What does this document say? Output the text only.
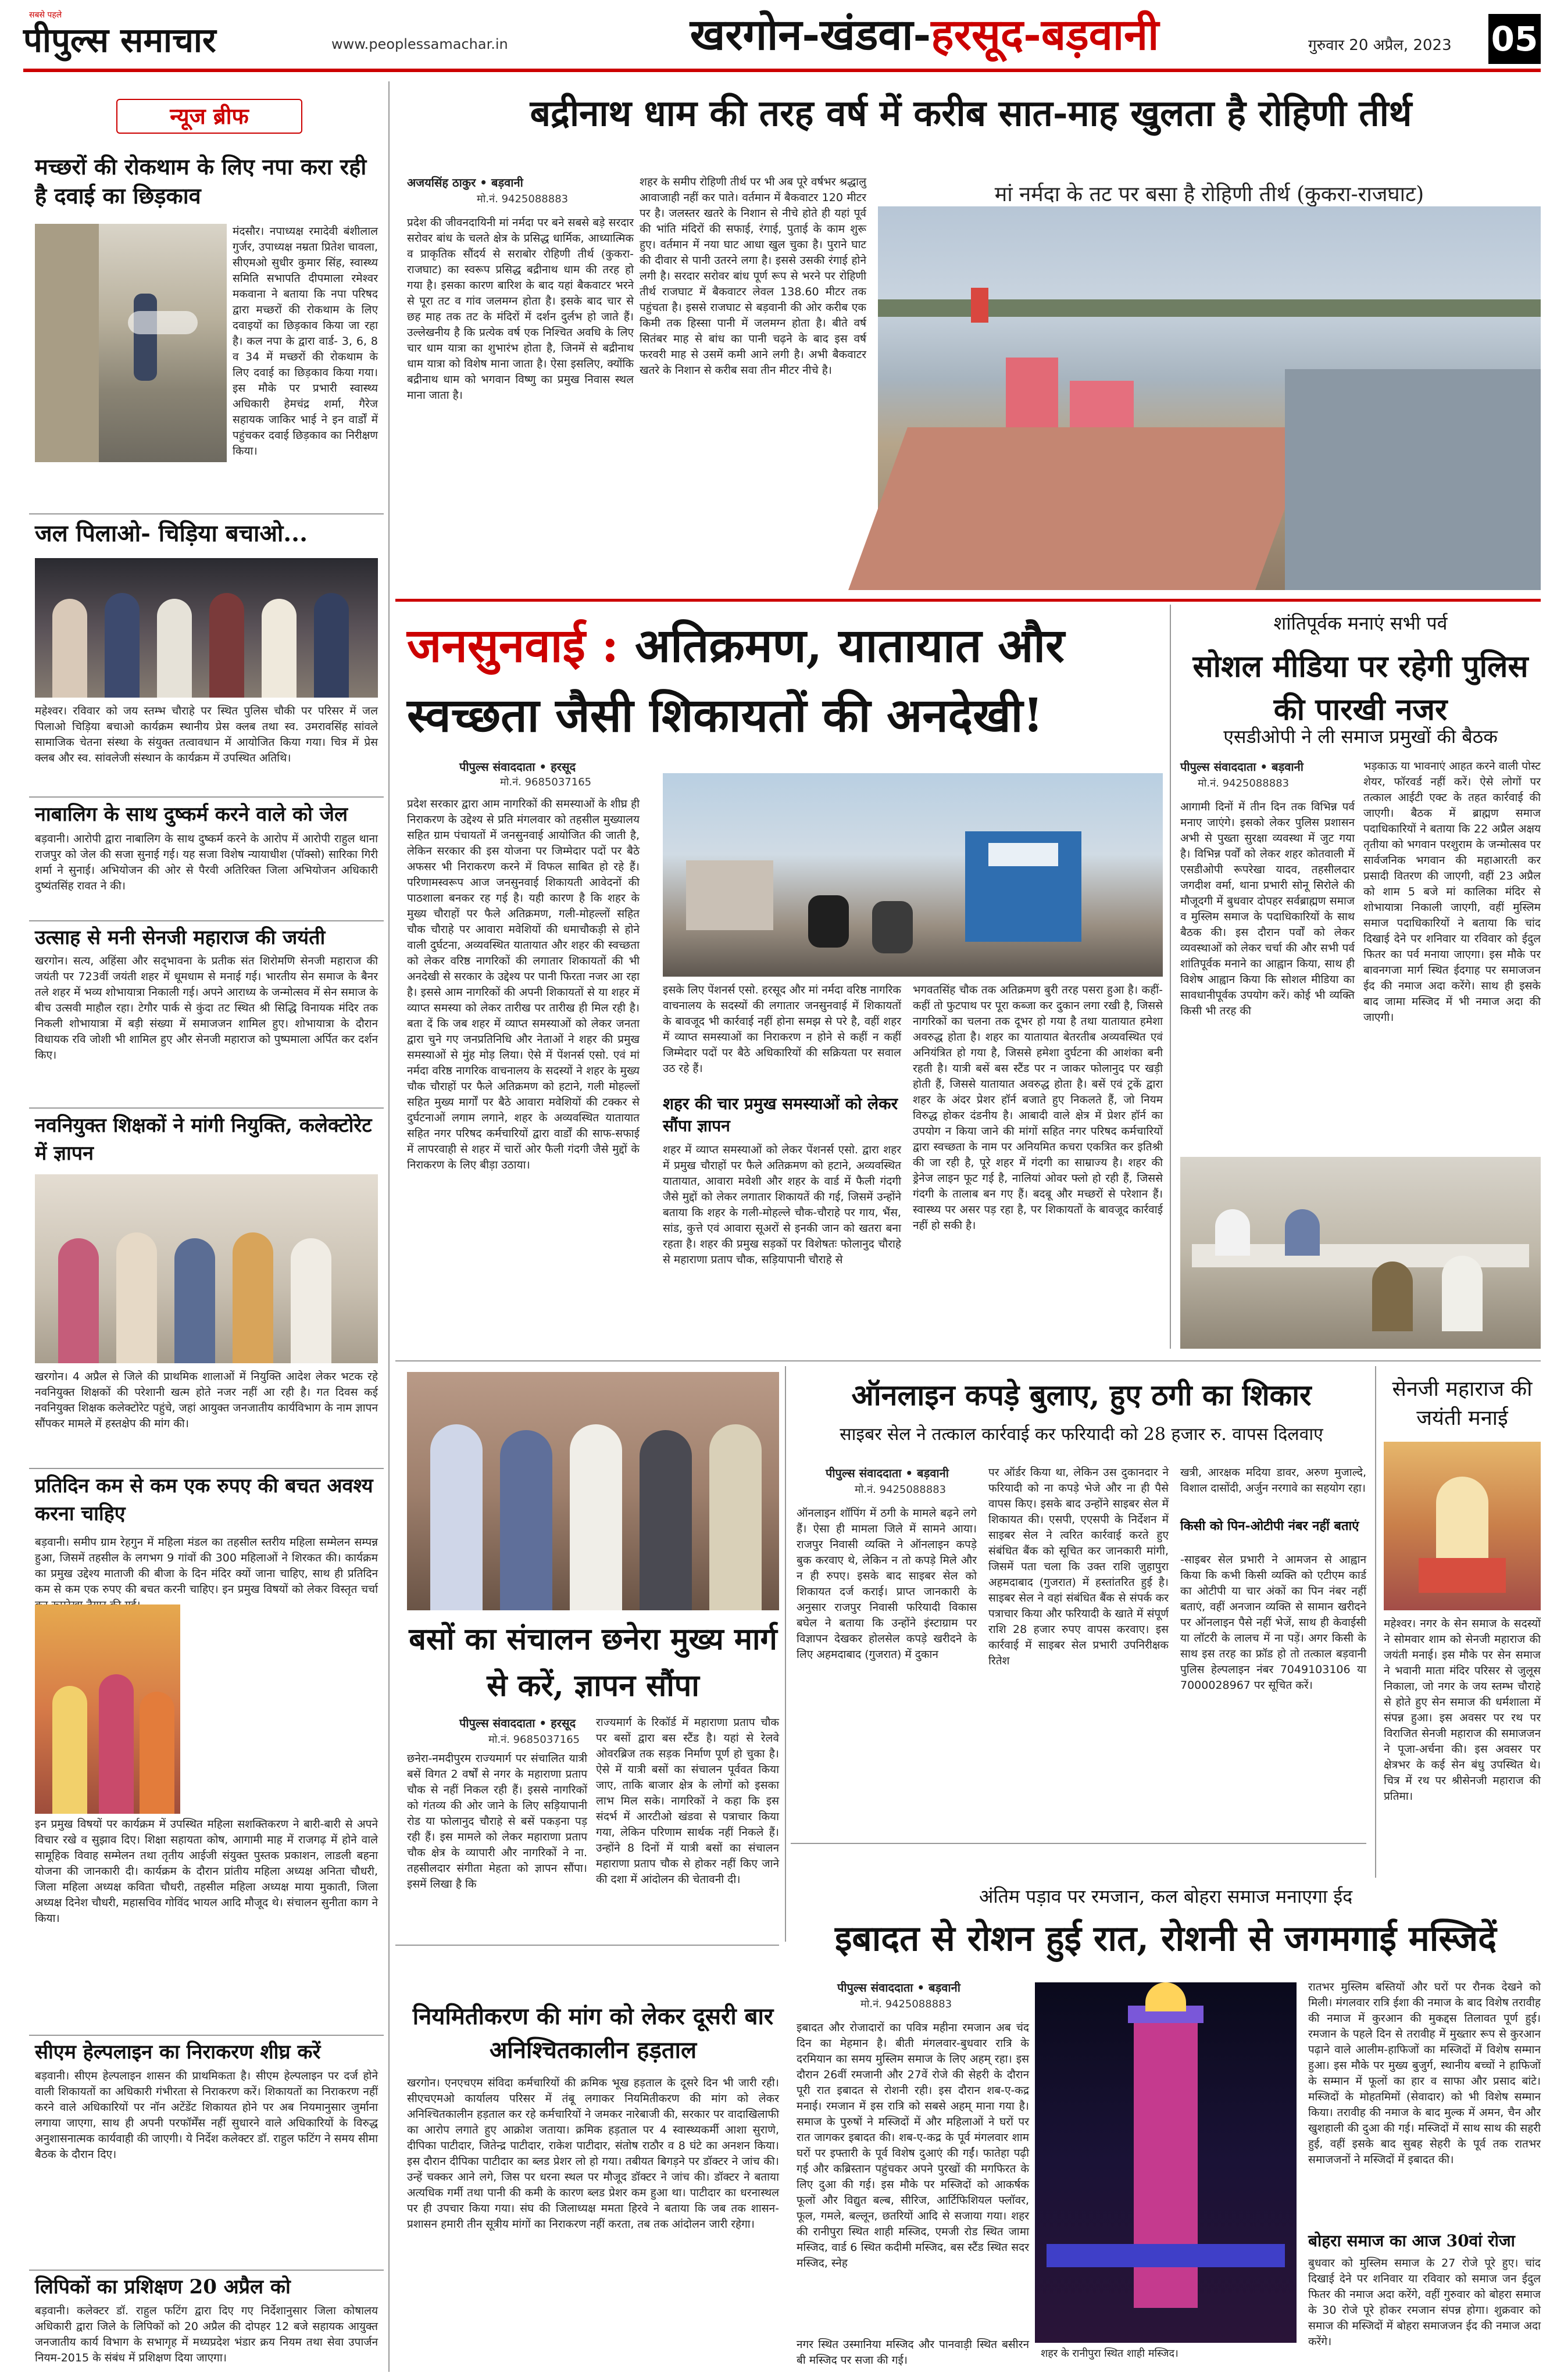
सबसे पहले
पीपुल्स समाचार	www.peoplessamachar.in	खरगोन-खंडवा-हरसूद-बड़वानी	गुरुवार 20 अप्रैल, 2023 05
न्यूज ब्रीफ
मच्छरों की रोकथाम के लिए नपा करा रही है दवाई का छिड़काव
मंदसौर। नपाध्यक्ष रमादेवी बंशीलाल गुर्जर, उपाध्यक्ष नम्रता प्रितेश चावला, सीएमओ सुधीर कुमार सिंह, स्वास्थ्य समिति सभापति दीपमाला रमेश्वर मकवाना ने बताया कि नपा परिषद द्वारा मच्छरों की रोकथाम के लिए दवाइयों का छिड़काव किया जा रहा है। कल नपा के द्वारा वार्ड- 3, 6, 8 व 34 में मच्छरों की रोकथाम के लिए दवाई का छिड़काव किया गया। इस मौके पर प्रभारी स्वास्थ्य अधिकारी हेमचंद्र शर्मा, गैरेज सहायक जाकिर भाई ने इन वार्डों में पहुंचकर दवाई छिड़काव का निरीक्षण किया।
जल पिलाओ- चिड़िया बचाओ...
महेश्वर। रविवार को जय स्तम्भ चौराहे पर स्थित पुलिस चौकी पर परिसर में जल पिलाओ चिड़िया बचाओ कार्यक्रम स्थानीय प्रेस क्लब तथा स्व. उमरावसिंह सांवले सामाजिक चेतना संस्था के संयुक्त तत्वावधान में आयोजित किया गया। चित्र में प्रेस क्लब और स्व. सांवलेजी संस्थान के कार्यक्रम में उपस्थित अतिथि।
नाबालिग के साथ दुष्कर्म करने वाले को जेल
बड़वानी। आरोपी द्वारा नाबालिग के साथ दुष्कर्म करने के आरोप में आरोपी राहुल थाना राजपुर को जेल की सजा सुनाई गई। यह सजा विशेष न्यायाधीश (पॉक्सो) सारिका गिरी शर्मा ने सुनाई। अभियोजन की ओर से पैरवी अतिरिक्त जिला अभियोजन अधिकारी दुष्यंतसिंह रावत ने की।
उत्साह से मनी सेनजी महाराज की जयंती
खरगोन। सत्य, अहिंसा और सद्‌भावना के प्रतीक संत शिरोमणि सेनजी महाराज की जयंती पर 723वीं जयंती शहर में धूमधाम से मनाई गई। भारतीय सेन समाज के बैनर तले शहर में भव्य शोभायात्रा निकाली गई। अपने आराध्य के जन्मोत्सव में सेन समाज के बीच उत्सवी माहौल रहा। टेगौर पार्क से कुंदा तट स्थित श्री सिद्धि विनायक मंदिर तक निकली शोभायात्रा में बड़ी संख्या में समाजजन शामिल हुए। शोभायात्रा के दौरान विधायक रवि जोशी भी शामिल हुए और सेनजी महाराज को पुष्पमाला अर्पित कर दर्शन किए।
नवनियुक्त शिक्षकों ने मांगी नियुक्ति, कलेक्टोरेट में ज्ञापन
खरगोन। 4 अप्रैल से जिले की प्राथमिक शालाओं में नियुक्ति आदेश लेकर भटक रहे नवनियुक्त शिक्षकों की परेशानी खत्म होते नजर नहीं आ रही है। गत दिवस कई नवनियुक्त शिक्षक कलेक्टोरेट पहुंचे, जहां आयुक्त जनजातीय कार्यविभाग के नाम ज्ञापन सौंपकर मामले में हस्तक्षेप की मांग की।
प्रतिदिन कम से कम एक रुपए की बचत अवश्य करना चाहिए
बड़वानी। समीप ग्राम रेहगुन में महिला मंडल का तहसील स्तरीय महिला सम्मेलन सम्पन्न हुआ, जिसमें तहसील के लगभग 9 गांवों की 300 महिलाओं ने शिरकत की। कार्यक्रम का प्रमुख उद्देश्य माताजी की बीजा के दिन मंदिर क्यों जाना चाहिए, साथ ही प्रतिदिन कम से कम एक रुपए की बचत करनी चाहिए। इन प्रमुख विषयों को लेकर विस्तृत चर्चा
इन प्रमुख विषयों पर कार्यक्रम में उपस्थित महिला सशक्तिकरण ने बारी-बारी से अपने विचार रखे व सुझाव दिए। शिक्षा सहायता कोष, आगामी माह में राजगढ़ में होने वाले सामूहिक विवाह सम्मेलन तथा तृतीय आईजी संयुक्त पुस्तक प्रकाशन, लाडली बहना योजना की जानकारी दी। कार्यक्रम के दौरान प्रांतीय महिला अध्यक्ष अनिता चौधरी, जिला महिला अध्यक्ष कविता चौधरी, तहसील महिला अध्यक्ष माया मुकाती, जिला अध्यक्ष दिनेश चौधरी, महासचिव गोविंद भायल आदि मौजूद थे। संचालन सुनीता काग ने किया।
सीएम हेल्पलाइन का निराकरण शीघ्र करें
बड़वानी। सीएम हेल्पलाइन शासन की प्राथमिकता है। सीएम हेल्पलाइन पर दर्ज होने वाली शिकायतों का अधिकारी गंभीरता से निराकरण करें। शिकायतों का निराकरण नहीं करने वाले अधिकारियों पर नॉन अटेंडेंट शिकायत होने पर अब नियमानुसार जुर्माना लगाया जाएगा, साथ ही अपनी परफॉर्मेंस नहीं सुधारने वाले अधिकारियों के विरुद्ध अनुशासनात्मक कार्यवाही की जाएगी। ये निर्देश कलेक्टर डॉ. राहुल फटिंग ने समय सीमा बैठक के दौरान दिए।
लिपिकों का प्रशिक्षण 20 अप्रैल को
बड़वानी। कलेक्टर डॉ. राहुल फटिंग द्वारा दिए गए निर्देशानुसार जिला कोषालय अधिकारी द्वारा जिले के लिपिकों को 20 अप्रैल की दोपहर 12 बजे सहायक आयुक्त जनजातीय कार्य विभाग के सभागृह में मध्यप्रदेश भंडार क्रय नियम तथा सेवा उपार्जन नियम-2015 के संबंध में प्रशिक्षण दिया जाएगा।
बद्रीनाथ धाम की तरह वर्ष में करीब सात-माह खुलता है रोहिणी तीर्थ
अजयसिंह ठाकुर • बड़वानी
मो.नं. 9425088883
प्रदेश की जीवनदायिनी मां नर्मदा पर बने सबसे बड़े सरदार सरोवर बांध के चलते क्षेत्र के प्रसिद्ध धार्मिक, आध्यात्मिक व प्राकृतिक सौंदर्य से सराबोर रोहिणी तीर्थ (कुकरा-राजघाट) का स्वरूप प्रसिद्ध बद्रीनाथ धाम की तरह हो गया है। इसका कारण बारिश के बाद यहां बैकवाटर भरने से पूरा तट व गांव जलमग्न होता है। इसके बाद चार से छह माह तक तट के मंदिरों में दर्शन दुर्लभ हो जाते हैं। उल्लेखनीय है कि प्रत्येक वर्ष एक निश्चित अवधि के लिए चार धाम यात्रा का शुभारंभ होता है, जिनमें से बद्रीनाथ धाम यात्रा को विशेष माना जाता है। ऐसा इसलिए, क्योंकि बद्रीनाथ धाम को भगवान विष्णु का प्रमुख निवास स्थल माना जाता है।
शहर के समीप रोहिणी तीर्थ पर भी अब पूरे वर्षभर श्रद्धालु आवाजाही नहीं कर पाते। वर्तमान में बैकवाटर 120 मीटर पर है। जलस्तर खतरे के निशान से नीचे होते ही यहां पूर्व की भांति मंदिरों की सफाई, रंगाई, पुताई के काम शुरू हुए। वर्तमान में नया घाट आधा खुल चुका है। पुराने घाट की दीवार से पानी उतरने लगा है। इससे उसकी रंगाई होने लगी है। सरदार सरोवर बांध पूर्ण रूप से भरने पर रोहिणी तीर्थ राजघाट में बैकवाटर लेवल 138.60 मीटर तक पहुंचता है। इससे राजघाट से बड़वानी की ओर करीब एक किमी तक हिस्सा पानी में जलमग्न होता है। बीते वर्ष सितंबर माह से बांध का पानी चढ़ने के बाद इस वर्ष फरवरी माह से उसमें कमी आने लगी है। अभी बैकवाटर खतरे के निशान से करीब सवा तीन मीटर नीचे है।
मां नर्मदा के तट पर बसा है रोहिणी तीर्थ (कुकरा-राजघाट)
जनसुनवाई : अतिक्रमण, यातायात और स्वच्छता जैसी शिकायतों की अनदेखी!
पीपुल्स संवाददाता • हरसूद
मो.नं. 9685037165
प्रदेश सरकार द्वारा आम नागरिकों की समस्याओं के शीघ्र ही निराकरण के उद्देश्य से प्रति मंगलवार को तहसील मुख्यालय सहित ग्राम पंचायतों में जनसुनवाई आयोजित की जाती है, लेकिन सरकार की इस योजना पर जिम्मेदार पदों पर बैठे अफसर भी निराकरण करने में विफल साबित हो रहे हैं। परिणामस्वरूप आज जनसुनवाई शिकायती आवेदनों की पाठशाला बनकर रह गई है। यही कारण है कि शहर के मुख्य चौराहों पर फैले अतिक्रमण, गली-मोहल्लों सहित चौक चौराहे पर आवारा मवेशियों की धमाचौकड़ी से होने वाली दुर्घटना, अव्यवस्थित यातायात और शहर की स्वच्छता को लेकर वरिष्ठ नागरिकों की लगातार शिकायतों की भी अनदेखी से सरकार के उद्देश्य पर पानी फिरता नजर आ रहा है। इससे आम नागरिकों की अपनी शिकायतों से या शहर में व्याप्त समस्या को लेकर तारीख पर तारीख ही मिल रही है। बता दें कि जब शहर में व्याप्त समस्याओं को लेकर जनता द्वारा चुने गए जनप्रतिनिधि और नेताओं ने शहर की प्रमुख समस्याओं से मुंह मोड़ लिया। ऐसे में पेंशनर्स एसो. एवं मां नर्मदा वरिष्ठ नागरिक वाचनालय के सदस्यों ने शहर के मुख्य चौक चौराहों पर फैले अतिक्रमण को हटाने, गली मोहल्लों सहित मुख्य मार्गों पर बैठे आवारा मवेशियों की टक्कर से दुर्घटनाओं लगाम लगाने, शहर के अव्यवस्थित यातायात सहित नगर परिषद कर्मचारियों द्वारा वार्डों की साफ-सफाई में लापरवाही से शहर में चारों ओर फैली गंदगी जैसे मुद्दों के निराकरण के लिए बीड़ा उठाया।
इसके लिए पेंशनर्स एसो. हरसूद और मां नर्मदा वरिष्ठ नागरिक वाचनालय के सदस्यों की लगातार जनसुनवाई में शिकायतों के बावजूद भी कार्रवाई नहीं होना समझ से परे है, वहीं शहर में व्याप्त समस्याओं का निराकरण न होने से कहीं न कहीं जिम्मेदार पदों पर बैठे अधिकारियों की सक्रियता पर सवाल उठ रहे हैं।
शहर की चार प्रमुख समस्याओं को लेकर सौंपा ज्ञापन
शहर में व्याप्त समस्याओं को लेकर पेंशनर्स एसो. द्वारा शहर में प्रमुख चौराहों पर फैले अतिक्रमण को हटाने, अव्यवस्थित यातायात, आवारा मवेशी और शहर के वार्ड में फैली गंदगी जैसे मुद्दों को लेकर लगातार शिकायतें की गई, जिसमें उन्होंने बताया कि शहर के गली-मोहल्ले चौक-चौराहे पर गाय, भैंस, सांड, कुत्ते एवं आवारा सूअरों से इनकी जान को खतरा बना रहता है। शहर की प्रमुख सड़कों पर विशेषतः फोलानुद चौराहे से महाराणा प्रताप चौक, सड़ियापानी चौराहे से
भगवतसिंह चौक तक अतिक्रमण बुरी तरह पसरा हुआ है। कहीं-कहीं तो फुटपाथ पर पूरा कब्जा कर दुकान लगा रखी है, जिससे नागरिकों का चलना तक दूभर हो गया है तथा यातायात हमेशा अवरुद्ध होता है। शहर का यातायात बेतरतीब अव्यवस्थित एवं अनियंत्रित हो गया है, जिससे हमेशा दुर्घटना की आशंका बनी रहती है। यात्री बसें बस स्टैंड पर न जाकर फोलानुद पर खड़ी होती हैं, जिससे यातायात अवरुद्ध होता है। बसें एवं ट्रकें द्वारा शहर के अंदर प्रेशर हॉर्न बजाते हुए निकलते हैं, जो नियम विरुद्ध होकर दंडनीय है। आबादी वाले क्षेत्र में प्रेशर हॉर्न का उपयोग न किया जाने की मांगों सहित नगर परिषद कर्मचारियों द्वारा स्वच्छता के नाम पर अनियमित कचरा एकत्रित कर इतिश्री की जा रही है, पूरे शहर में गंदगी का साम्राज्य है। शहर की ड्रेनेज लाइन फूट गई है, नालियां ओवर फ्लो हो रही हैं, जिससे गंदगी के तालाब बन गए हैं। बदबू और मच्छरों से परेशान हैं। स्वास्थ्य पर असर पड़ रहा है, पर शिकायतों के बावजूद कार्रवाई नहीं हो सकी है।
शांतिपूर्वक मनाएं सभी पर्व
सोशल मीडिया पर रहेगी पुलिस की पारखी नजर
एसडीओपी ने ली समाज प्रमुखों की बैठक
पीपुल्स संवाददाता • बड़वानी
मो.नं. 9425088883
आगामी दिनों में तीन दिन तक विभिन्न पर्व मनाए जाएंगे। इसको लेकर पुलिस प्रशासन अभी से पुख्ता सुरक्षा व्यवस्था में जुट गया है। विभिन्न पर्वों को लेकर शहर कोतवाली में एसडीओपी रूपरेखा यादव, तहसीलदार जगदीश वर्मा, थाना प्रभारी सोनू सिरोले की मौजूदगी में बुधवार दोपहर सर्वब्राह्मण समाज व मुस्लिम समाज के पदाधिकारियों के साथ बैठक की। इस दौरान पर्वों को लेकर व्यवस्थाओं को लेकर चर्चा की और सभी पर्व शांतिपूर्वक मनाने का आह्वान किया, साथ ही विशेष आह्वान किया कि सोशल मीडिया का सावधानीपूर्वक उपयोग करें। कोई भी व्यक्ति किसी भी तरह की
भड़काऊ या भावनाएं आहत करने वाली पोस्ट शेयर, फॉरवर्ड नहीं करें। ऐसे लोगों पर तत्काल आईटी एक्ट के तहत कार्रवाई की जाएगी। बैठक में ब्राह्मण समाज पदाधिकारियों ने बताया कि 22 अप्रैल अक्षय तृतीया को भगवान परशुराम के जन्मोत्सव पर सार्वजनिक भगवान की महाआरती कर प्रसादी वितरण की जाएगी, वहीं 23 अप्रैल को शाम 5 बजे मां कालिका मंदिर से शोभायात्रा निकाली जाएगी, वहीं मुस्लिम समाज पदाधिकारियों ने बताया कि चांद दिखाई देने पर शनिवार या रविवार को ईदुल फितर का पर्व मनाया जाएगा। इस मौके पर बावनगजा मार्ग स्थित ईदगाह पर समाजजन ईद की नमाज अदा करेंगे। साथ ही इसके बाद जामा मस्जिद में भी नमाज अदा की जाएगी।
बसों का संचालन छनेरा मुख्य मार्ग से करें, ज्ञापन सौंपा
पीपुल्स संवाददाता • हरसूद
मो.नं. 9685037165
छनेरा-नमदीपुरम राज्यमार्ग पर संचालित यात्री बसें विगत 2 वर्षों से नगर के महाराणा प्रताप चौक से नहीं निकल रही हैं। इससे नागरिकों को गंतव्य की ओर जाने के लिए सड़ियापानी रोड या फोलानुद चौराहे से बसें पकड़ना पड़ रही हैं। इस मामले को लेकर महाराणा प्रताप चौक क्षेत्र के व्यापारी और नागरिकों ने ना. तहसीलदार संगीता मेहता को ज्ञापन सौंपा। इसमें लिखा है कि
राज्यमार्ग के रिकॉर्ड में महाराणा प्रताप चौक पर बसों द्वारा बस स्टैंड है। यहां से रेलवे ओवरब्रिज तक सड़क निर्माण पूर्ण हो चुका है। ऐसे में यात्री बसों का संचालन पूर्ववत किया जाए, ताकि बाजार क्षेत्र के लोगों को इसका लाभ मिल सके। नागरिकों ने कहा कि इस संदर्भ में आरटीओ खंडवा से पत्राचार किया गया, लेकिन परिणाम सार्थक नहीं निकले हैं। उन्होंने 8 दिनों में यात्री बसों का संचालन महाराणा प्रताप चौक से होकर नहीं किए जाने की दशा में आंदोलन की चेतावनी दी।
ऑनलाइन कपड़े बुलाए, हुए ठगी का शिकार
साइबर सेल ने तत्काल कार्रवाई कर फरियादी को 28 हजार रु. वापस दिलवाए
पीपुल्स संवाददाता • बड़वानी
मो.नं. 9425088883
ऑनलाइन शॉपिंग में ठगी के मामले बढ़ने लगे हैं। ऐसा ही मामला जिले में सामने आया। राजपुर निवासी व्यक्ति ने ऑनलाइन कपड़े बुक करवाए थे, लेकिन न तो कपड़े मिले और न ही रुपए। इसके बाद साइबर सेल को शिकायत दर्ज कराई। प्राप्त जानकारी के अनुसार राजपुर निवासी फरियादी विकास बघेल ने बताया कि उन्होंने इंस्टाग्राम पर विज्ञापन देखकर होलसेल कपड़े खरीदने के लिए अहमदाबाद (गुजरात) में दुकान
पर ऑर्डर किया था, लेकिन उस दुकानदार ने फरियादी को ना कपड़े भेजे और ना ही पैसे वापस किए। इसके बाद उन्होंने साइबर सेल में शिकायत की। एसपी, एएसपी के निर्देशन में साइबर सेल ने त्वरित कार्रवाई करते हुए संबंधित बैंक को सूचित कर जानकारी मांगी, जिसमें पता चला कि उक्त राशि जुहापुरा अहमदाबाद (गुजरात) में हस्तांतरित हुई है। साइबर सेल ने वहां संबंधित बैंक से संपर्क कर पत्राचार किया और फरियादी के खाते में संपूर्ण राशि 28 हजार रुपए वापस करवाए। इस कार्रवाई में साइबर सेल प्रभारी उपनिरीक्षक रितेश
खत्री, आरक्षक मदिया डावर, अरुण मुजाल्दे, विशाल दासोंदी, अर्जुन नरगावे का सहयोग रहा।
किसी को पिन-ओटीपी नंबर नहीं बताएं
-साइबर सेल प्रभारी ने आमजन से आह्वान किया कि कभी किसी व्यक्ति को एटीएम कार्ड का ओटीपी या चार अंकों का पिन नंबर नहीं बताएं, वहीं अनजान व्यक्ति से सामान खरीदने पर ऑनलाइन पैसे नहीं भेजें, साथ ही केवाईसी या लॉटरी के लालच में ना पड़ें। अगर किसी के साथ इस तरह का फ्रॉड हो तो तत्काल बड़वानी पुलिस हेल्पलाइन नंबर 7049103106 या 7000028967 पर सूचित करें।
सेनजी महाराज की जयंती मनाई
महेश्वर। नगर के सेन समाज के सदस्यों ने सोमवार शाम को सेनजी महाराज की जयंती मनाई। इस मौके पर सेन समाज ने भवानी माता मंदिर परिसर से जुलूस निकाला, जो नगर के जय स्तम्भ चौराहे से होते हुए सेन समाज की धर्मशाला में संपन्न हुआ। इस अवसर पर रथ पर विराजित सेनजी महाराज की समाजजन ने पूजा-अर्चना की। इस अवसर पर क्षेत्रभर के कई सेन बंधु उपस्थित थे। चित्र में रथ पर श्रीसेनजी महाराज की प्रतिमा।
नियमितीकरण की मांग को लेकर दूसरी बार अनिश्चितकालीन हड़ताल
खरगोन। एनएचएम संविदा कर्मचारियों की क्रमिक भूख हड़ताल के दूसरे दिन भी जारी रही। सीएचएमओ कार्यालय परिसर में तंबू लगाकर नियमितीकरण की मांग को लेकर अनिश्चितकालीन हड़ताल कर रहे कर्मचारियों ने जमकर नारेबाजी की, सरकार पर वादाखिलाफी का आरोप लगाते हुए आक्रोश जताया। क्रमिक हड़ताल पर 4 स्वास्थ्यकर्मी आशा सुराणे, दीपिका पाटीदार, जितेन्द्र पाटीदार, राकेश पाटीदार, संतोष राठौर व 8 घंटे का अनशन किया। इस दौरान दीपिका पाटीदार का ब्लड प्रेशर लो हो गया। तबीयत बिगड़ने पर डॉक्टर ने जांच की। उन्हें चक्कर आने लगे, जिस पर धरना स्थल पर मौजूद डॉक्टर ने जांच की। डॉक्टर ने बताया अत्यधिक गर्मी तथा पानी की कमी के कारण ब्लड प्रेशर कम हुआ था। पाटीदार का धरनास्थल पर ही उपचार किया गया। संघ की जिलाध्यक्ष ममता हिरवे ने बताया कि जब तक शासन-प्रशासन हमारी तीन सूत्रीय मांगों का निराकरण नहीं करता, तब तक आंदोलन जारी रहेगा।
अंतिम पड़ाव पर रमजान, कल बोहरा समाज मनाएगा ईद
इबादत से रोशन हुई रात, रोशनी से जगमगाई मस्जिदें
पीपुल्स संवाददाता • बड़वानी
मो.नं. 9425088883
इबादत और रोजादारों का पवित्र महीना रमजान अब चंद दिन का मेहमान है। बीती मंगलवार-बुधवार रात्रि के दरमियान का समय मुस्लिम समाज के लिए अहम् रहा। इस दौरान 26वीं रमजानी और 27वें रोजे की सेहरी के दौरान पूरी रात इबादत से रोशनी रही। इस दौरान शब-ए-कद्र मनाई। रमजान में इस रात्रि को सबसे अहम् माना गया है। समाज के पुरुषों ने मस्जिदों में और महिलाओं ने घरों पर रात जागकर इबादत की। शब-ए-कद्र के पूर्व मंगलवार शाम घरों पर इफ्तारी के पूर्व विशेष दुआएं की गईं। फातेहा पढ़ी गई और कब्रिस्तान पहुंचकर अपने पुरखों की मगफिरत के लिए दुआ की गई। इस मौके पर मस्जिदों को आकर्षक फूलों और विद्युत बल्ब, सीरिज, आर्टिफिशियल फ्लॉवर, फूल, गमले, बल्लून, छतरियों आदि से सजाया गया। शहर की रानीपुरा स्थित शाही मस्जिद, एमजी रोड स्थित जामा मस्जिद, वार्ड 6 स्थित कदीमी मस्जिद, बस स्टैंड स्थित सदर मस्जिद, स्नेह
शहर के रानीपुरा स्थित शाही मस्जिद।
नगर स्थित उस्मानिया मस्जिद और पानवाड़ी स्थित बसीरन बी मस्जिद पर सजा की गई।
रातभर मुस्लिम बस्तियों और घरों पर रौनक देखने को मिली। मंगलवार रात्रि ईशा की नमाज के बाद विशेष तरावीह की नमाज में कुरआन की मुकद्दस तिलावत पूर्ण हुई। रमजान के पहले दिन से तरावीह में मुख्तार रूप से कुरआन पढ़ाने वाले आलीम-हाफिजों का मस्जिदों में विशेष सम्मान हुआ। इस मौके पर मुख्य बुजुर्ग, स्थानीय बच्चों ने हाफिजों के सम्मान में फूलों का हार व साफा और प्रसाद बांटे। मस्जिदों के मोहतमिमों (सेवादार) को भी विशेष सम्मान किया। तरावीह की नमाज के बाद मुल्क में अमन, चैन और खुशहाली की दुआ की गई। मस्जिदों में साथ साथ की सहरी हुई, वहीं इसके बाद सुबह सेहरी के पूर्व तक रातभर समाजजनों ने मस्जिदों में इबादत की।
बोहरा समाज का आज 30वां रोजा
बुधवार को मुस्लिम समाज के 27 रोजे पूरे हुए। चांद दिखाई देने पर शनिवार या रविवार को समाज जन ईदुल फितर की नमाज अदा करेंगे, वहीं गुरुवार को बोहरा समाज के 30 रोजे पूरे होकर रमजान संपन्न होगा। शुक्रवार को समाज की मस्जिदों में बोहरा समाजजन ईद की नमाज अदा करेंगे।
